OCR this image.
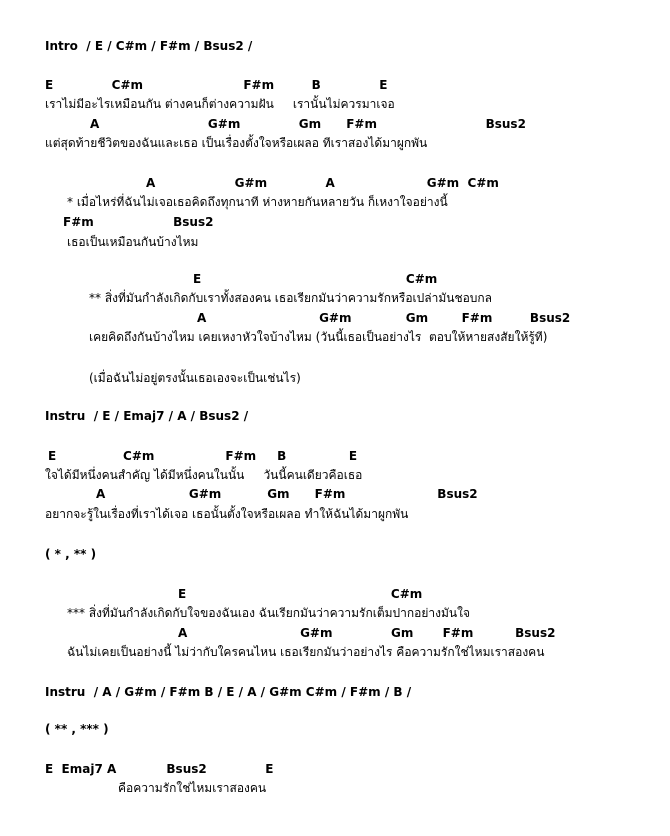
Intro  / E / C#m / F#m / Bsus2 /
E              C#m                        F#m         B              E
เราไม่มีอะไรเหมือนกัน ต่างคนก็ต่างความฝัน     เรานั้นไม่ควรมาเจอ
A                          G#m              Gm      F#m                          Bsus2
แต่สุดท้ายชีวิตของฉันและเธอ เป็นเรื่องตั้งใจหรือเผลอ ทีเราสองได้มาผูกพัน
A                   G#m              A                      G#m  C#m
* เมื่อไหร่ที่ฉันไม่เจอเธอคิดถึงทุกนาที ห่างหายกันหลายวัน ก็เหงาใจอย่างนี้
F#m                   Bsus2
เธอเป็นเหมือนกันบ้างไหม
E                                                 C#m
** สิ่งที่มันกำลังเกิดกับเราทั้งสองคน เธอเรียกมันว่าความรักหรือเปล่ามันชอบกล
A                           G#m             Gm        F#m         Bsus2
เคยคิดถึงกันบ้างไหม เคยเหงาหัวใจบ้างไหม (วันนี้เธอเป็นอย่างไร  ตอบให้หายสงสัยให้รู้ที)
(เมื่อฉันไม่อยู่ตรงนั้นเธอเองจะเป็นเช่นไร)
Instru  / E / Emaj7 / A / Bsus2 /
E                C#m                 F#m     B               E
ใจได้มีหนึ่งคนสำคัญ ได้มีหนึ่งคนในนั้น     วันนี้คนเดียวคือเธอ
A                    G#m           Gm      F#m                      Bsus2
อยากจะรู้ในเรื่องที่เราได้เจอ เธอนั้นตั้งใจหรือเผลอ ทำให้ฉันได้มาผูกพัน
( * , ** )
E                                                 C#m
*** สิ่งที่มันกำลังเกิดกับใจของฉันเอง ฉันเรียกมันว่าความรักเต็มปากอย่างมันใจ
A                           G#m              Gm       F#m          Bsus2
ฉันไม่เคยเป็นอย่างนี้ ไม่ว่ากับใครคนไหน เธอเรียกมันว่าอย่างไร คือความรักใช่ไหมเราสองคน
Instru  / A / G#m / F#m B / E / A / G#m C#m / F#m / B /
( ** , *** )
E  Emaj7 A            Bsus2              E
คือความรักใช่ไหมเราสองคน
